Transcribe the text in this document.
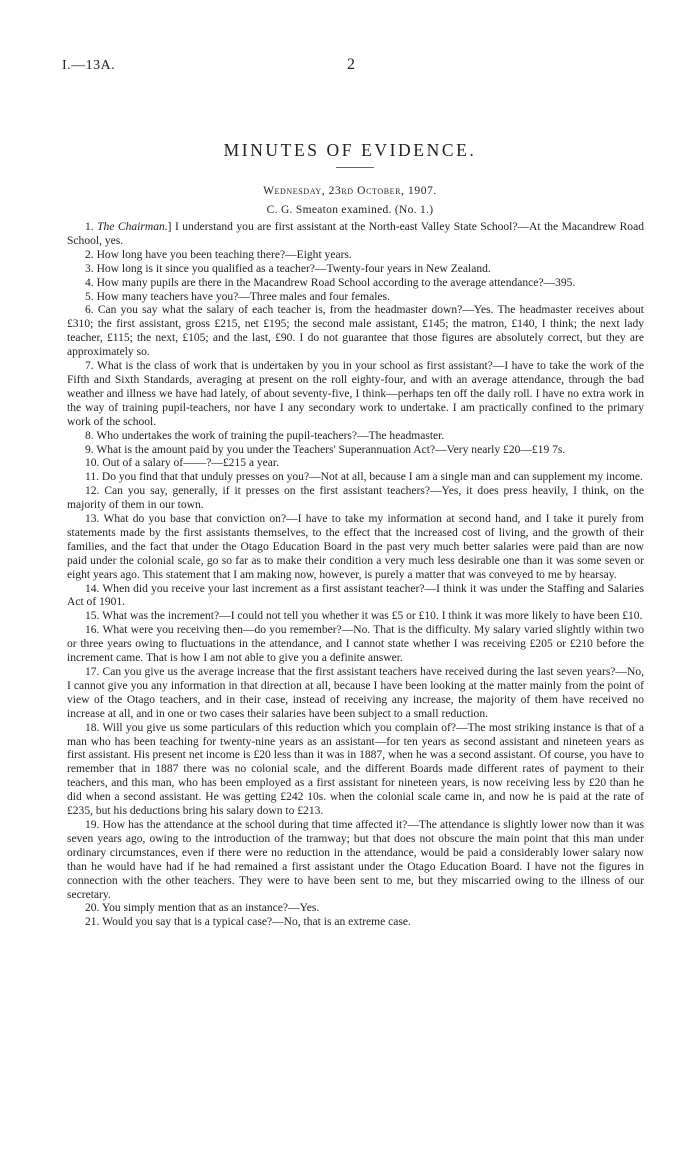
I.—13A.	2
MINUTES OF EVIDENCE.
Wednesday, 23rd October, 1907.
C. G. Smeaton examined. (No. 1.)

1. The Chairman.] I understand you are first assistant at the North-east Valley State School?—At the Macandrew Road School, yes.

2. How long have you been teaching there?—Eight years.

3. How long is it since you qualified as a teacher?—Twenty-four years in New Zealand.

4. How many pupils are there in the Macandrew Road School according to the average attendance?—395.

5. How many teachers have you?—Three males and four females.

6. Can you say what the salary of each teacher is, from the headmaster down?—Yes. The headmaster receives about £310; the first assistant, gross £215, net £195; the second male assistant, £145; the matron, £140, I think; the next lady teacher, £115; the next, £105; and the last, £90. I do not guarantee that those figures are absolutely correct, but they are approximately so.

7. What is the class of work that is undertaken by you in your school as first assistant?—I have to take the work of the Fifth and Sixth Standards, averaging at present on the roll eighty-four, and with an average attendance, through the bad weather and illness we have had lately, of about seventy-five, I think—perhaps ten off the daily roll. I have no extra work in the way of training pupil-teachers, nor have I any secondary work to undertake. I am practically confined to the primary work of the school.

8. Who undertakes the work of training the pupil-teachers?—The headmaster.

9. What is the amount paid by you under the Teachers' Superannuation Act?—Very nearly £20—£19 7s.

10. Out of a salary of——?—£215 a year.

11. Do you find that that unduly presses on you?—Not at all, because I am a single man and can supplement my income.

12. Can you say, generally, if it presses on the first assistant teachers?—Yes, it does press heavily, I think, on the majority of them in our town.

13. What do you base that conviction on?—I have to take my information at second hand, and I take it purely from statements made by the first assistants themselves, to the effect that the increased cost of living, and the growth of their families, and the fact that under the Otago Education Board in the past very much better salaries were paid than are now paid under the colonial scale, go so far as to make their condition a very much less desirable one than it was some seven or eight years ago. This statement that I am making now, however, is purely a matter that was conveyed to me by hearsay.

14. When did you receive your last increment as a first assistant teacher?—I think it was under the Staffing and Salaries Act of 1901.

15. What was the increment?—I could not tell you whether it was £5 or £10. I think it was more likely to have been £10.

16. What were you receiving then—do you remember?—No. That is the difficulty. My salary varied slightly within two or three years owing to fluctuations in the attendance, and I cannot state whether I was receiving £205 or £210 before the increment came. That is how I am not able to give you a definite answer.

17. Can you give us the average increase that the first assistant teachers have received during the last seven years?—No, I cannot give you any information in that direction at all, because I have been looking at the matter mainly from the point of view of the Otago teachers, and in their case, instead of receiving any increase, the majority of them have received no increase at all, and in one or two cases their salaries have been subject to a small reduction.

18. Will you give us some particulars of this reduction which you complain of?—The most striking instance is that of a man who has been teaching for twenty-nine years as an assistant—for ten years as second assistant and nineteen years as first assistant. His present net income is £20 less than it was in 1887, when he was a second assistant. Of course, you have to remember that in 1887 there was no colonial scale, and the different Boards made different rates of payment to their teachers, and this man, who has been employed as a first assistant for nineteen years, is now receiving less by £20 than he did when a second assistant. He was getting £242 10s. when the colonial scale came in, and now he is paid at the rate of £235, but his deductions bring his salary down to £213.

19. How has the attendance at the school during that time affected it?—The attendance is slightly lower now than it was seven years ago, owing to the introduction of the tramway; but that does not obscure the main point that this man under ordinary circumstances, even if there were no reduction in the attendance, would be paid a considerably lower salary now than he would have had if he had remained a first assistant under the Otago Education Board. I have not the figures in connection with the other teachers. They were to have been sent to me, but they miscarried owing to the illness of our secretary.

20. You simply mention that as an instance?—Yes.

21. Would you say that is a typical case?—No, that is an extreme case.
